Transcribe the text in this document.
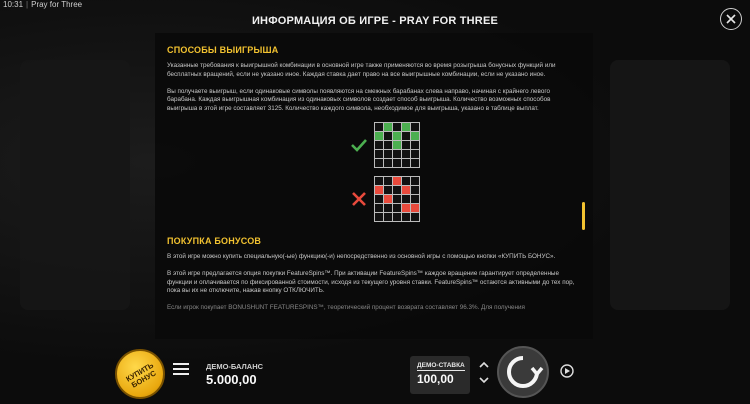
10:31 | Pray for Three
ИНФОРМАЦИЯ ОБ ИГРЕ - PRAY FOR THREE
СПОСОБЫ ВЫИГРЫША

Указанные требования к выигрышной комбинации в основной игре также применяются во время розыгрыша бонусных функций или бесплатных вращений, если не указано иное. Каждая ставка дает право на все выигрышные комбинации, если не указано иное.

Вы получаете выигрыш, если одинаковые символы появляются на смежных барабанах слева направо, начиная с крайнего левого барабана. Каждая выигрышная комбинация из одинаковых символов создает способ выигрыша. Количество возможных способов выигрыша в этой игре составляет 3125. Количество каждого символа, необходимое для выигрыша, указано в таблице выплат.

ПОКУПКА БОНУСОВ

В этой игре можно купить специальную(-ые) функцию(-и) непосредственно из основной игры с помощью кнопки «КУПИТЬ БОНУС».

В этой игре предлагается опция покупки FeatureSpins™. При активации FeatureSpins™ каждое вращение гарантирует определенные функции и оплачивается по фиксированной стоимости, исходя из текущего уровня ставки. FeatureSpins™ остаются активными до тех пор, пока вы их не отключите, нажав кнопку ОТКЛЮЧИТЬ.

Если игрок покупает BONUSHUNT FEATURESPINS™, теоретический процент возврата составляет 96.3%. Для получения

КУПИТЬ БОНУС
ДЕМО-БАЛАНС
5.000,00
ДЕМО-СТАВКА
100,00
